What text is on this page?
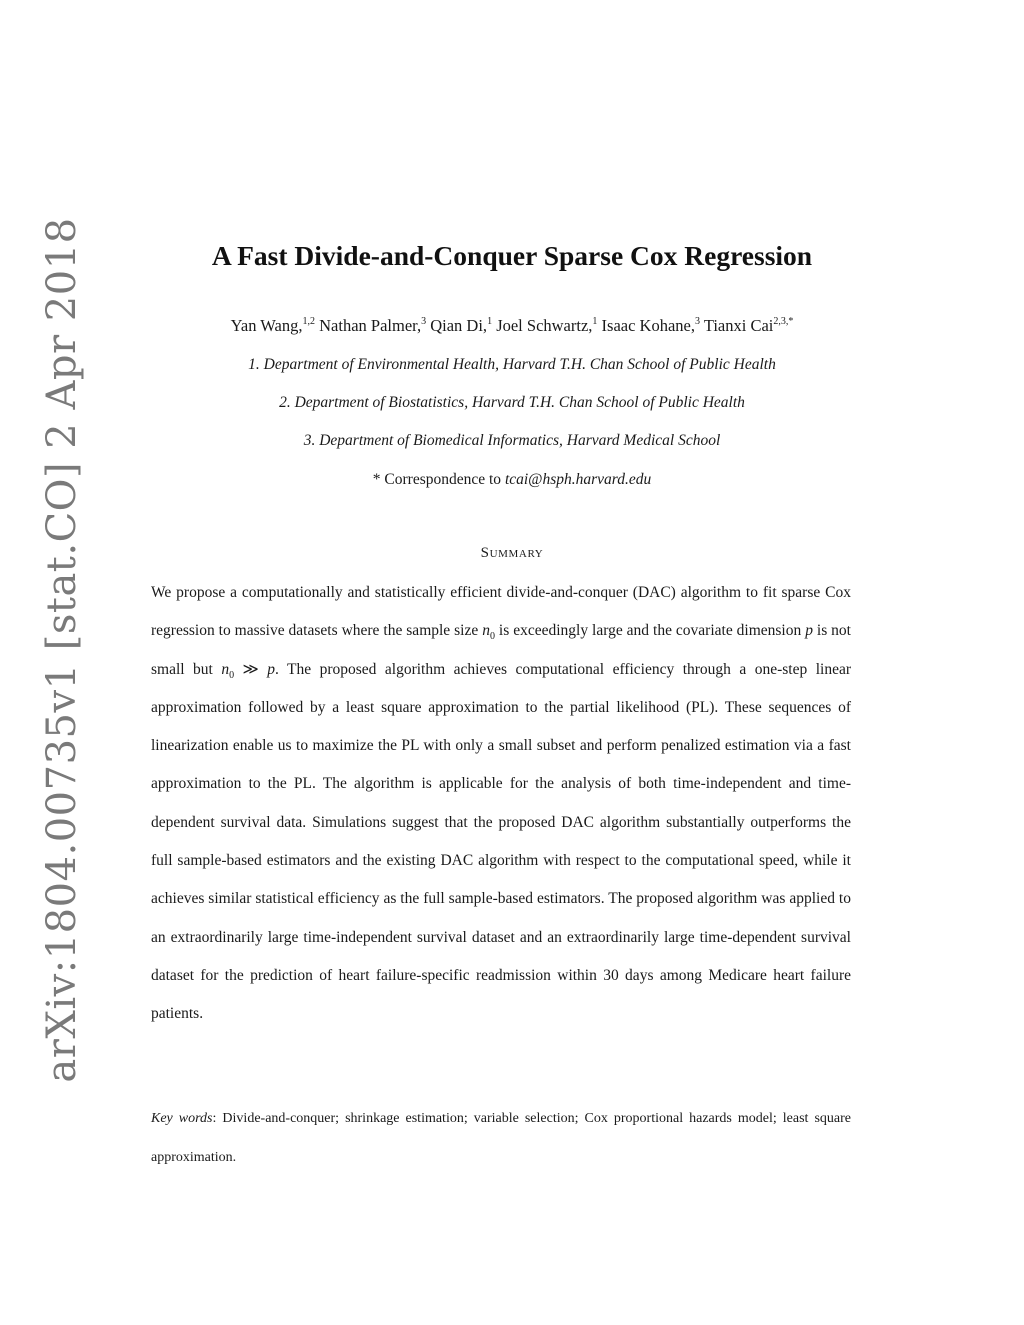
arXiv:1804.00735v1 [stat.CO] 2 Apr 2018	A Fast Divide-and-Conquer Sparse Cox Regression
Yan Wang,$^{1,2}$ Nathan Palmer,$^3$ Qian Di,$^1$ Joel Schwartz,$^1$ Isaac Kohane,$^3$ Tianxi Cai$^{2,3,*}$
1. Department of Environmental Health, Harvard T.H. Chan School of Public Health
2. Department of Biostatistics, Harvard T.H. Chan School of Public Health
3. Department of Biomedical Informatics, Harvard Medical School
* Correspondence to tcai@hsph.harvard.edu
Summary

We propose a computationally and statistically efficient divide-and-conquer (DAC) algorithm to fit sparse Cox regression to massive datasets where the sample size $n_0$ is exceedingly large and the covariate dimension p is not small but $n_0$ ≫ p. The proposed algorithm achieves computational efficiency through a one-step linear approximation followed by a least square approximation to the partial likelihood (PL). These sequences of linearization enable us to maximize the PL with only a small subset and perform penalized estimation via a fast approximation to the PL. The algorithm is applicable for the analysis of both time-independent and time-dependent survival data. Simulations suggest that the proposed DAC algorithm substantially outperforms the full sample-based estimators and the existing DAC algorithm with respect to the computational speed, while it achieves similar statistical efficiency as the full sample-based estimators. The proposed algorithm was applied to an extraordinarily large time-independent survival dataset and an extraordinarily large time-dependent survival dataset for the prediction of heart failure-specific readmission within 30 days among Medicare heart failure patients.

Key words: Divide-and-conquer; shrinkage estimation; variable selection; Cox proportional hazards model; least square approximation.
